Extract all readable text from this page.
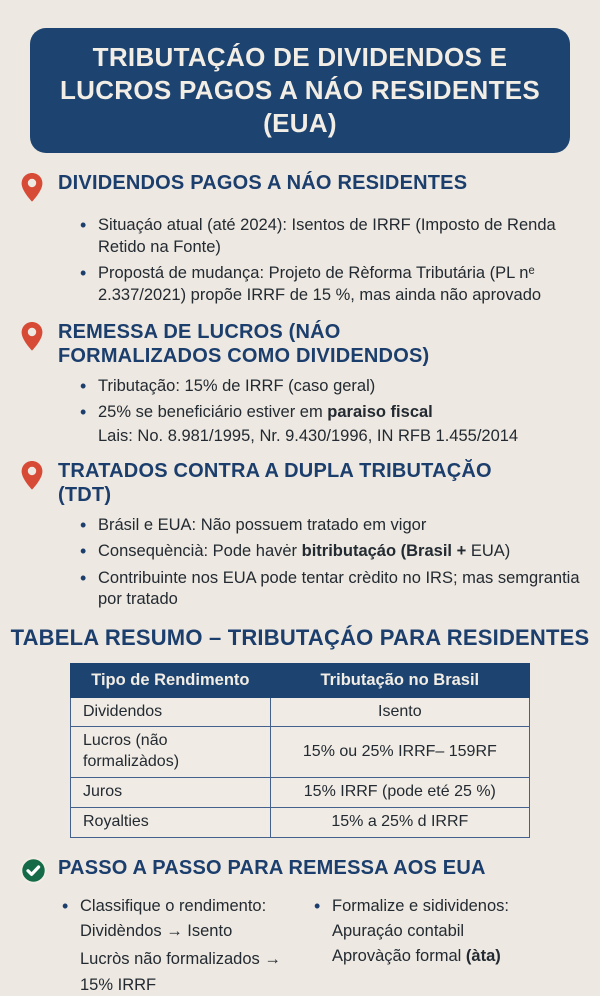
TRIBUTAÇÁO DE DIVIDENDOS E
LUCROS PAGOS A NÁO RESIDENTES
(EUA)
DIVIDENDOS PAGOS A NÁO RESIDENTES
• Situaçáo atual (até 2024): Isentos de IRRF (Imposto de Renda Retido na Fonte)
• Propostá de mudança: Projeto de Rèforma Tributária (PL nᵉ 2.337/2021) propõe IRRF de 15 %, mas ainda não aprovado
REMESSA DE LUCROS (NÁO FORMALIZADOS COMO DIVIDENDOS)
• Tributação: 15% de IRRF (caso geral)
• 25% se beneficiário estiver em paraiso fiscal
Lais: No. 8.981/1995, Nr. 9.430/1996, IN RFB 1.455/2014
TRATADOS CONTRA A DUPLA TRIBUTAÇĂO (TDT)
• Brásil e EUA: Não possuem tratado em vigor
• Consequèncià: Pode havėr bitributaçáo (Brasil + EUA)
• Contribuinte nos EUA pode tentar crèdito no IRS; mas semgrantia por tratado
TABELA RESUMO – TRIBUTAÇÁO PARA RESIDENTES
Tipo de Rendimento	Tributação no Brasil
Dividendos	Isento
Lucros (não formalizàdos)	15% ou 25% IRRF– 159RF
Juros	15% IRRF (pode eté 25 %)
Royalties	15% a 25% d IRRF
PASSO A PASSO PARA REMESSA AOS EUA
• Classifique o rendimento:
Dividèndos → Isento
Lucròs não formalizados →
15% IRRF
• Formalize e sidividenos:
Apuraçáo contabil
Aprovàção formal (àta)
